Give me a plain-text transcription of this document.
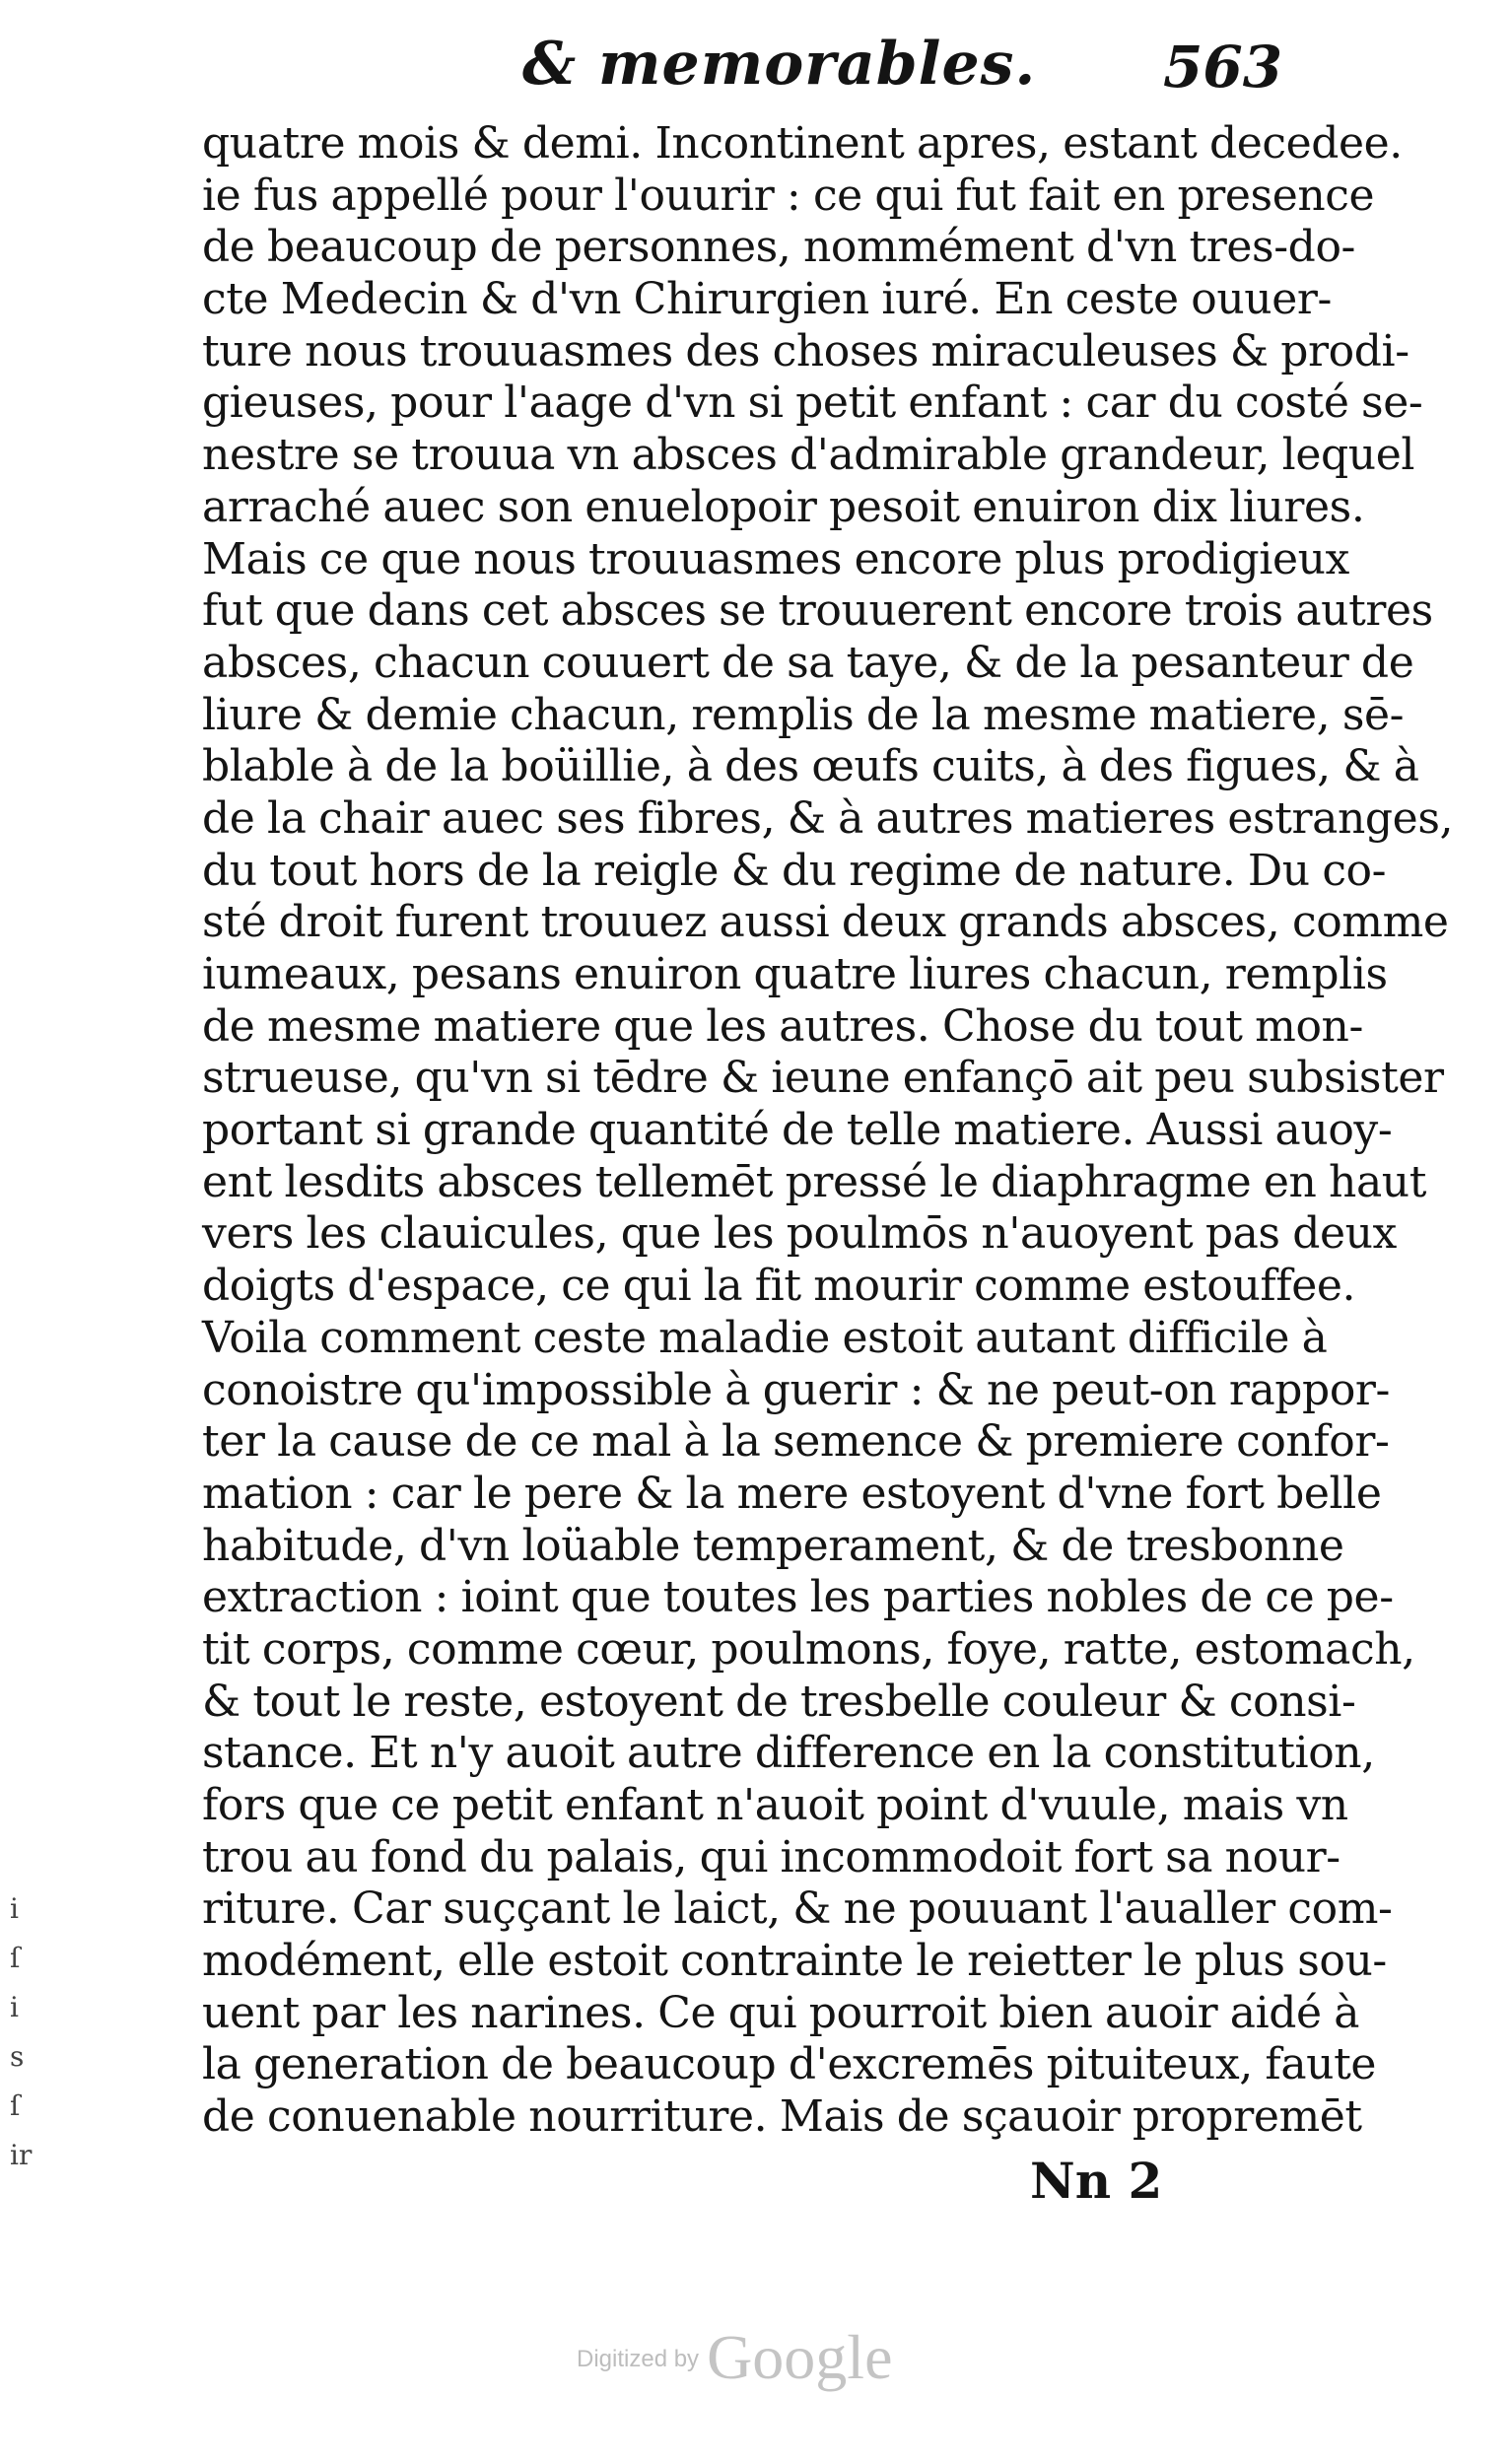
& memorables. 563
quatre mois & demi. Incontinent apres, estant decedee.
ie fus appellé pour l'ouurir : ce qui fut fait en presence
de beaucoup de personnes, nommément d'vn tres-do-
cte Medecin & d'vn Chirurgien iuré. En ceste ouuer-
ture nous trouuasmes des choses miraculeuses & prodi-
gieuses, pour l'aage d'vn si petit enfant : car du costé se-
nestre se trouua vn absces d'admirable grandeur, lequel
arraché auec son enuelopoir pesoit enuiron dix liures.
Mais ce que nous trouuasmes encore plus prodigieux
fut que dans cet absces se trouuerent encore trois autres
absces, chacun couuert de sa taye, & de la pesanteur de
liure & demie chacun, remplis de la mesme matiere, sē-
blable à de la boüillie, à des œufs cuits, à des figues, & à
de la chair auec ses fibres, & à autres matieres estranges,
du tout hors de la reigle & du regime de nature. Du co-
sté droit furent trouuez aussi deux grands absces, comme
iumeaux, pesans enuiron quatre liures chacun, remplis
de mesme matiere que les autres. Chose du tout mon-
strueuse, qu'vn si tēdre & ieune enfançō ait peu subsister
portant si grande quantité de telle matiere. Aussi auoy-
ent lesdits absces tellemēt pressé le diaphragme en haut
vers les clauicules, que les poulmōs n'auoyent pas deux
doigts d'espace, ce qui la fit mourir comme estouffee.
Voila comment ceste maladie estoit autant difficile à
conoistre qu'impossible à guerir : & ne peut-on rappor-
ter la cause de ce mal à la semence & premiere confor-
mation : car le pere & la mere estoyent d'vne fort belle
habitude, d'vn loüable temperament, & de tresbonne
extraction : ioint que toutes les parties nobles de ce pe-
tit corps, comme cœur, poulmons, foye, ratte, estomach,
& tout le reste, estoyent de tresbelle couleur & consi-
stance. Et n'y auoit autre difference en la constitution,
fors que ce petit enfant n'auoit point d'vuule, mais vn
trou au fond du palais, qui incommodoit fort sa nour-
riture. Car suççant le laict, & ne pouuant l'aualler com-
modément, elle estoit contrainte le reietter le plus sou-
uent par les narines. Ce qui pourroit bien auoir aidé à
la generation de beaucoup d'excremēs pituiteux, faute
de conuenable nourriture. Mais de sçauoir propremēt
Nn 2
i
ſ
i
s
ſ
ir
Digitized by Google
